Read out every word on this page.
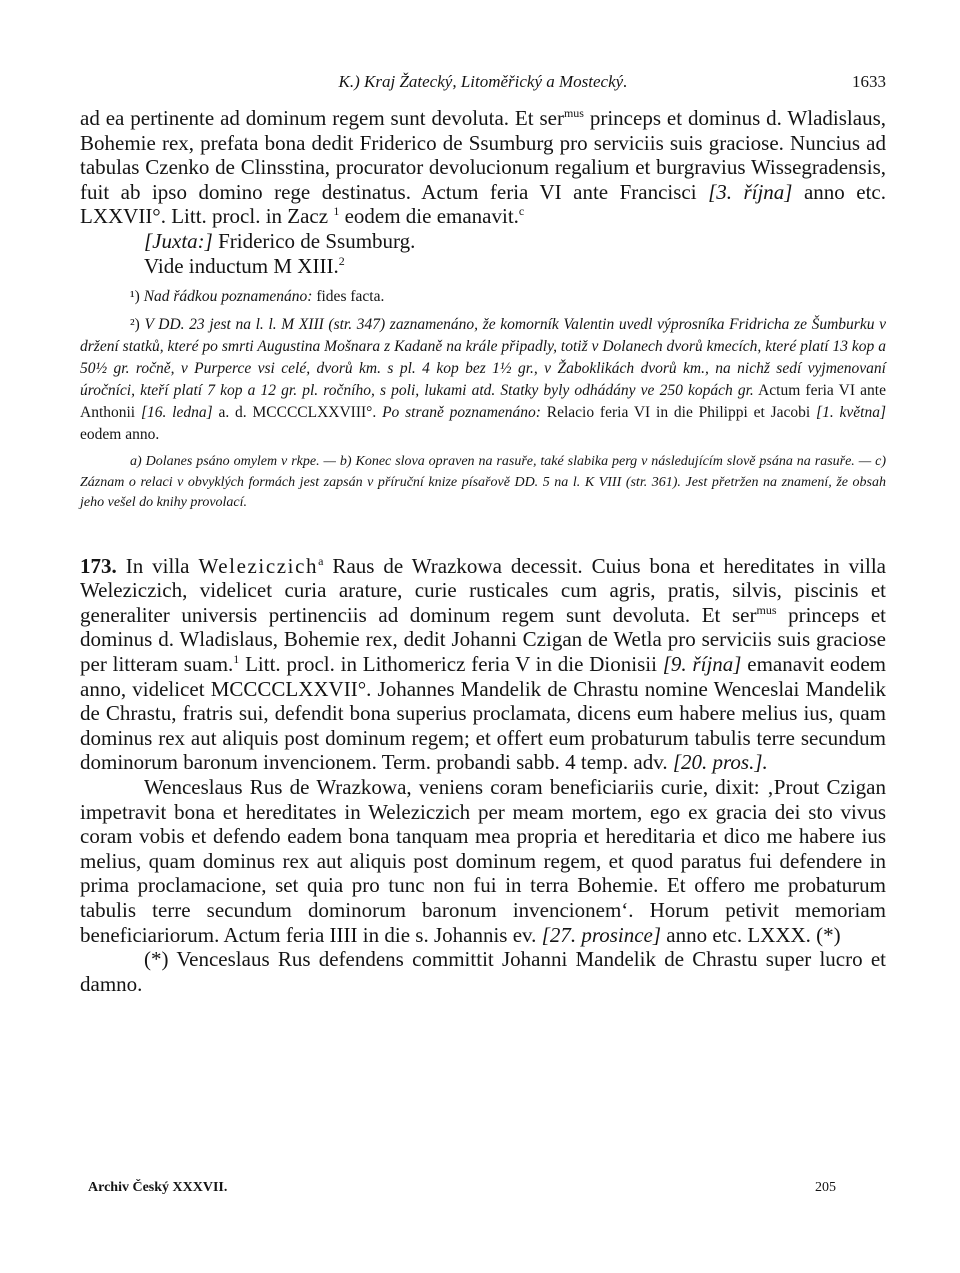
K.) Kraj Žatecký, Litoměřický a Mostecký.	1633

ad ea pertinente ad dominum regem sunt devoluta. Et ser$^{mus}$ princeps et dominus d. Wladislaus, Bohemie rex, prefata bona dedit Friderico de Ssumburg pro serviciis suis graciose. Nuncius ad tabulas Czenko de Clinsstina, procurator devolucionum regalium et burgravius Wissegradensis, fuit ab ipso domino rege destinatus. Actum feria VI ante Francisci [3. října] anno etc. LXXVII°. Litt. procl. in Zacz $^1$ eodem die emanavit.$^c$

[Juxta:] Friderico de Ssumburg.

Vide inductum M XIII.$^2$

¹) Nad řádkou poznamenáno: fides facta.

²) V DD. 23 jest na l. l. M XIII (str. 347) zaznamenáno, že komorník Valentin uvedl výprosníka Fridricha ze Šumburku v držení statků, které po smrti Augustina Mošnara z Kadaně na krále připadly, totiž v Dolanech dvorů kmecích, které platí 13 kop a 50½ gr. ročně, v Purperce vsi celé, dvorů km. s pl. 4 kop bez 1½ gr., v Žaboklikách dvorů km., na nichž sedí vyjmenovaní úročníci, kteří platí 7 kop a 12 gr. pl. ročního, s poli, lukami atd. Statky byly odhádány ve 250 kopách gr. Actum feria VI ante Anthonii [16. ledna] a. d. MCCCCLXXVIII°. Po straně poznamenáno: Relacio feria VI in die Philippi et Jacobi [1. května] eodem anno.

a) Dolanes psáno omylem v rkpe. — b) Konec slova opraven na rasuře, také slabika perg v následujícím slově psána na rasuře. — c) Záznam o relaci v obvyklých formách jest zapsán v příruční knize písařově DD. 5 na l. K VIII (str. 361). Jest přetržen na znamení, že obsah jeho vešel do knihy provolací.

173. In villa Weleziczich$^a$ Raus de Wrazkowa decessit. Cuius bona et hereditates in villa Weleziczich, videlicet curia arature, curie rusticales cum agris, pratis, silvis, piscinis et generaliter universis pertinenciis ad dominum regem sunt devoluta. Et ser$^{mus}$ princeps et dominus d. Wladislaus, Bohemie rex, dedit Johanni Czigan de Wetla pro serviciis suis graciose per litteram suam.$^1$ Litt. procl. in Lithomericz feria V in die Dionisii [9. října] emanavit eodem anno, videlicet MCCCCLXXVII°. Johannes Mandelik de Chrastu nomine Wenceslai Mandelik de Chrastu, fratris sui, defendit bona superius proclamata, dicens eum habere melius ius, quam dominus rex aut aliquis post dominum regem; et offert eum probaturum tabulis terre secundum dominorum baronum invencionem. Term. probandi sabb. 4 temp. adv. [20. pros.].

Wenceslaus Rus de Wrazkowa, veniens coram beneficiariis curie, dixit: ‚Prout Czigan impetravit bona et hereditates in Weleziczich per meam mortem, ego ex gracia dei sto vivus coram vobis et defendo eadem bona tanquam mea propria et hereditaria et dico me habere ius melius, quam dominus rex aut aliquis post dominum regem, et quod paratus fui defendere in prima proclamacione, set quia pro tunc non fui in terra Bohemie. Et offero me probaturum tabulis terre secundum dominorum baronum invencionem‘. Horum petivit memoriam beneficiariorum. Actum feria IIII in die s. Johannis ev. [27. prosince] anno etc. LXXX. (*)

(*) Venceslaus Rus defendens committit Johanni Mandelik de Chrastu super lucro et damno.

Archiv Český XXXVII.	205
